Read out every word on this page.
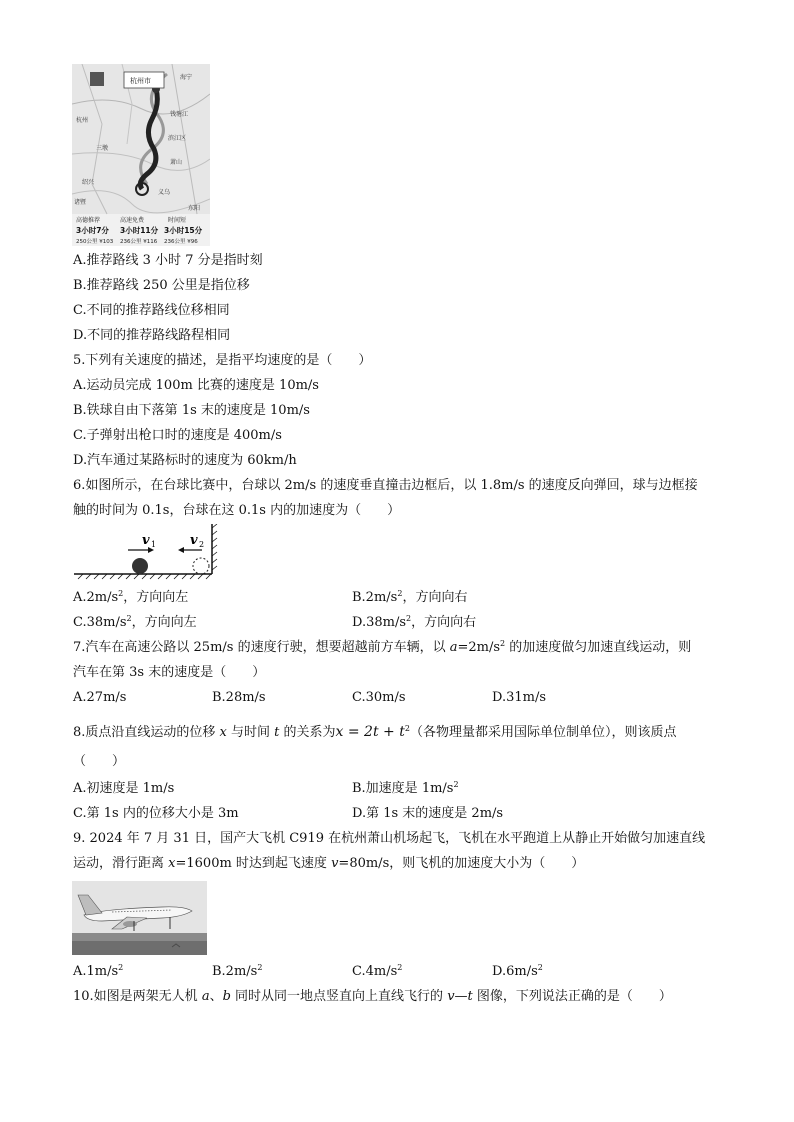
杭州市
杭州
钱塘江
三墩
滨江区
萧山
绍兴
海宁
诸暨
义乌
东阳
高德推荐	高速免费	时间短
3小时7分 3小时11分 3小时15分
250公里 ¥103 236公里 ¥116 236公里 ¥96
A.推荐路线 3 小时 7 分是指时刻
B.推荐路线 250 公里是指位移
C.不同的推荐路线位移相同
D.不同的推荐路线路程相同
5.下列有关速度的描述，是指平均速度的是（　　）
A.运动员完成 100m 比赛的速度是 10m/s
B.铁球自由下落第 1s 末的速度是 10m/s
C.子弹射出枪口时的速度是 400m/s
D.汽车通过某路标时的速度为 60km/h
6.如图所示，在台球比赛中，台球以 2m/s 的速度垂直撞击边框后，以 1.8m/s 的速度反向弹回，球与边框接
触的时间为 0.1s，台球在这 0.1s 内的加速度为（　　）
v 1	v 2
$A.2m/s^2$，方向向左	$B.2m/s^2$，方向向右
$C.38m/s^2$，方向向左	$D.38m/s^2$，方向向右
7.汽车在高速公路以 25m/s 的速度行驶，想要超越前方车辆，以 $a=2m/s^2$ 的加速度做匀加速直线运动，则
汽车在第 3s 末的速度是（　　）
A.27m/s	B.28m/s	C.30m/s	D.31m/s
8.质点沿直线运动的位移 x 与时间 t 的关系为$x = 2t + t^2$（各物理量都采用国际单位制单位），则该质点
（　　）
A.初速度是 1m/s	B.加速度是 $1m/s^2$
C.第 1s 内的位移大小是 3m	D.第 1s 末的速度是 2m/s
9. 2024 年 7 月 31 日，国产大飞机 C919 在杭州萧山机场起飞，飞机在水平跑道上从静止开始做匀加速直线
运动，滑行距离 x=1600m 时达到起飞速度 v=80m/s，则飞机的加速度大小为（　　）
$A.1m/s^2$	$B.2m/s^2$	$C.4m/s^2$	$D.6m/s^2$
10.如图是两架无人机 a、b 同时从同一地点竖直向上直线飞行的 v—t 图像，下列说法正确的是（　　）
